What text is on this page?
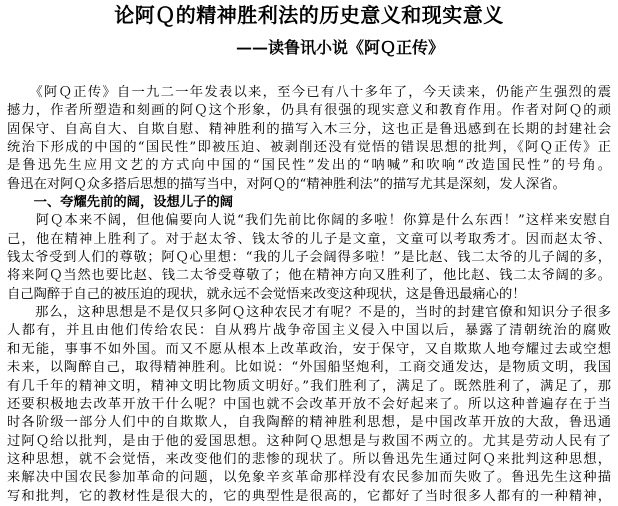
论阿Ｑ的精神胜利法的历史意义和现实意义
——读鲁讯小说《阿Ｑ正传》
　　《阿Ｑ正传》自一九二一年发表以来，至今已有八十多年了，今天读来，仍能产生强烈的震
撼力，作者所塑造和刻画的阿Ｑ这个形象，仍具有很强的现实意义和教育作用。作者对阿Ｑ的顽
固保守、自高自大、自欺自慰、精神胜利的描写入木三分，这也正是鲁迅感到在长期的封建社会
统治下形成的中国的“国民性”即被压迫、被剥削还没有觉悟的错误思想的批判，《阿Ｑ正传》正
是鲁迅先生应用文艺的方式向中国的“国民性”发出的“呐喊”和吹响“改造国民性”的号角。
鲁迅在对阿Ｑ众多搭后思想的描写当中，对阿Ｑ的“精神胜利法”的描写尤其是深刻，发人深省。
　　一、夸耀先前的阔，设想儿子的阔
　　阿Ｑ本来不阔，但他偏要向人说“我们先前比你阔的多啦！你算是什么东西！”这样来安慰自
己，他在精神上胜利了。对于赵太爷、钱太爷的儿子是文童，文童可以考取秀才。因而赵太爷、
钱太爷受到人们的尊敬；阿Ｑ心里想：“我的儿子会阔得多啦！”是比赵、钱二太爷的儿子阔的多，
将来阿Ｑ当然也要比赵、钱二太爷受尊敬了；他在精神方向又胜利了，他比赵、钱二太爷阔的多。
自己陶醉于自己的被压迫的现状，就永远不会觉悟来改变这种现状，这是鲁迅最痛心的！
　　那么，这种思想是不是仅只多阿Ｑ这种农民才有呢？不是的，当时的封建官僚和知识分子很多
人都有，并且由他们传给农民：自从鸦片战争帝国主义侵入中国以后，暴露了清朝统治的腐败
和无能，事事不如外国。而又不愿从根本上改革政治，安于保守，又自欺欺人地夸耀过去或空想
未来，以陶醉自己，取得精神胜利。比如说：“外国船坚炮利，工商交通发达，是物质文明，我国
有几千年的精神文明，精神文明比物质文明好。”我们胜利了，满足了。既然胜利了，满足了，那
还要积极地去改革开放干什么呢？中国也就不会改革开放不会好起来了。所以这种普遍存在于当
时各阶级一部分人们中的自欺欺人，自我陶醉的精神胜利思想，是中国改革开放的大敌，鲁迅通
过阿Ｑ给以批判，是由于他的爱国思想。这种阿Ｑ思想是与救国不两立的。尤其是劳动人民有了
这种思想，就不会觉悟，来改变他们的悲惨的现状了。所以鲁迅先生通过阿Ｑ来批判这种思想，
来解决中国农民参加革命的问题，以免象辛亥革命那样没有农民参加而失败了。鲁迅先生这种描
写和批判，它的教材性是很大的，它的典型性是很高的，它都好了当时很多人都有的一种精神，
